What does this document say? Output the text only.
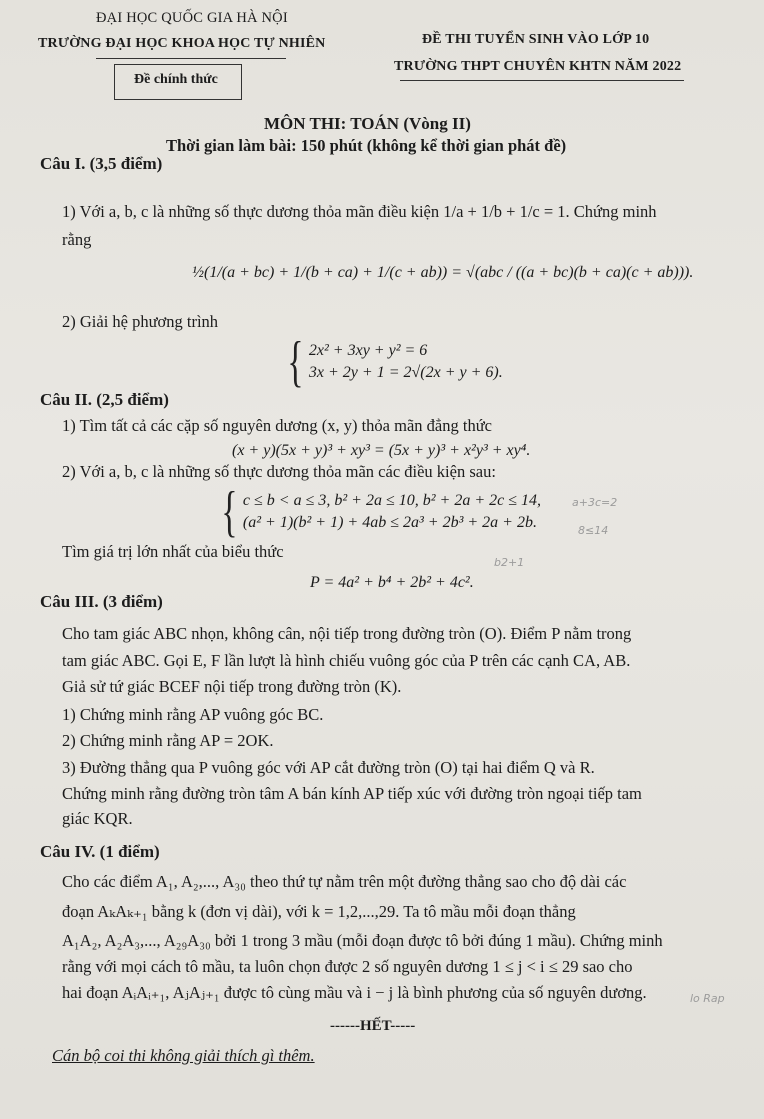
ĐẠI HỌC QUỐC GIA HÀ NỘI
TRƯỜNG ĐẠI HỌC KHOA HỌC TỰ NHIÊN
Đề chính thức
ĐỀ THI TUYỂN SINH VÀO LỚP 10
TRƯỜNG THPT CHUYÊN KHTN NĂM 2022
MÔN THI: TOÁN (Vòng II)
Thời gian làm bài: 150 phút (không kể thời gian phát đề)
Câu I. (3,5 điểm)
1) Với a, b, c là những số thực dương thỏa mãn điều kiện 1/a + 1/b + 1/c = 1. Chứng minh
rằng
½(1/(a + bc) + 1/(b + ca) + 1/(c + ab)) = √(abc / ((a + bc)(b + ca)(c + ab))).
2) Giải hệ phương trình
{ 2x² + 3xy + y² = 6
3x + 2y + 1 = 2√(2x + y + 6).
Câu II. (2,5 điểm)
1) Tìm tất cả các cặp số nguyên dương (x, y) thỏa mãn đẳng thức
(x + y)(5x + y)³ + xy³ = (5x + y)³ + x²y³ + xy⁴.
2) Với a, b, c là những số thực dương thỏa mãn các điều kiện sau:
{ c ≤ b < a ≤ 3, b² + 2a ≤ 10, b² + 2a + 2c ≤ 14,
(a² + 1)(b² + 1) + 4ab ≤ 2a³ + 2b³ + 2a + 2b.
Tìm giá trị lớn nhất của biểu thức
P = 4a² + b⁴ + 2b² + 4c².
Câu III. (3 điểm)
Cho tam giác ABC nhọn, không cân, nội tiếp trong đường tròn (O). Điểm P nằm trong
tam giác ABC. Gọi E, F lần lượt là hình chiếu vuông góc của P trên các cạnh CA, AB.
Giả sử tứ giác BCEF nội tiếp trong đường tròn (K).
1) Chứng minh rằng AP vuông góc BC.
2) Chứng minh rằng AP = 2OK.
3) Đường thẳng qua P vuông góc với AP cắt đường tròn (O) tại hai điểm Q và R.
Chứng minh rằng đường tròn tâm A bán kính AP tiếp xúc với đường tròn ngoại tiếp tam
giác KQR.
Câu IV. (1 điểm)
Cho các điểm A₁, A₂,..., A₃₀ theo thứ tự nằm trên một đường thẳng sao cho độ dài các
đoạn AₖAₖ₊₁ bằng k (đơn vị dài), với k = 1,2,...,29. Ta tô mầu mỗi đoạn thẳng
A₁A₂, A₂A₃,..., A₂₉A₃₀ bởi 1 trong 3 mầu (mỗi đoạn được tô bởi đúng 1 mầu). Chứng minh
rằng với mọi cách tô mầu, ta luôn chọn được 2 số nguyên dương 1 ≤ j < i ≤ 29 sao cho
hai đoạn AᵢAᵢ₊₁, AⱼAⱼ₊₁ được tô cùng mầu và i − j là bình phương của số nguyên dương.
------HẾT-----
Cán bộ coi thi không giải thích gì thêm.
a+3c=2
8≤14
b2+1
lo Rap
